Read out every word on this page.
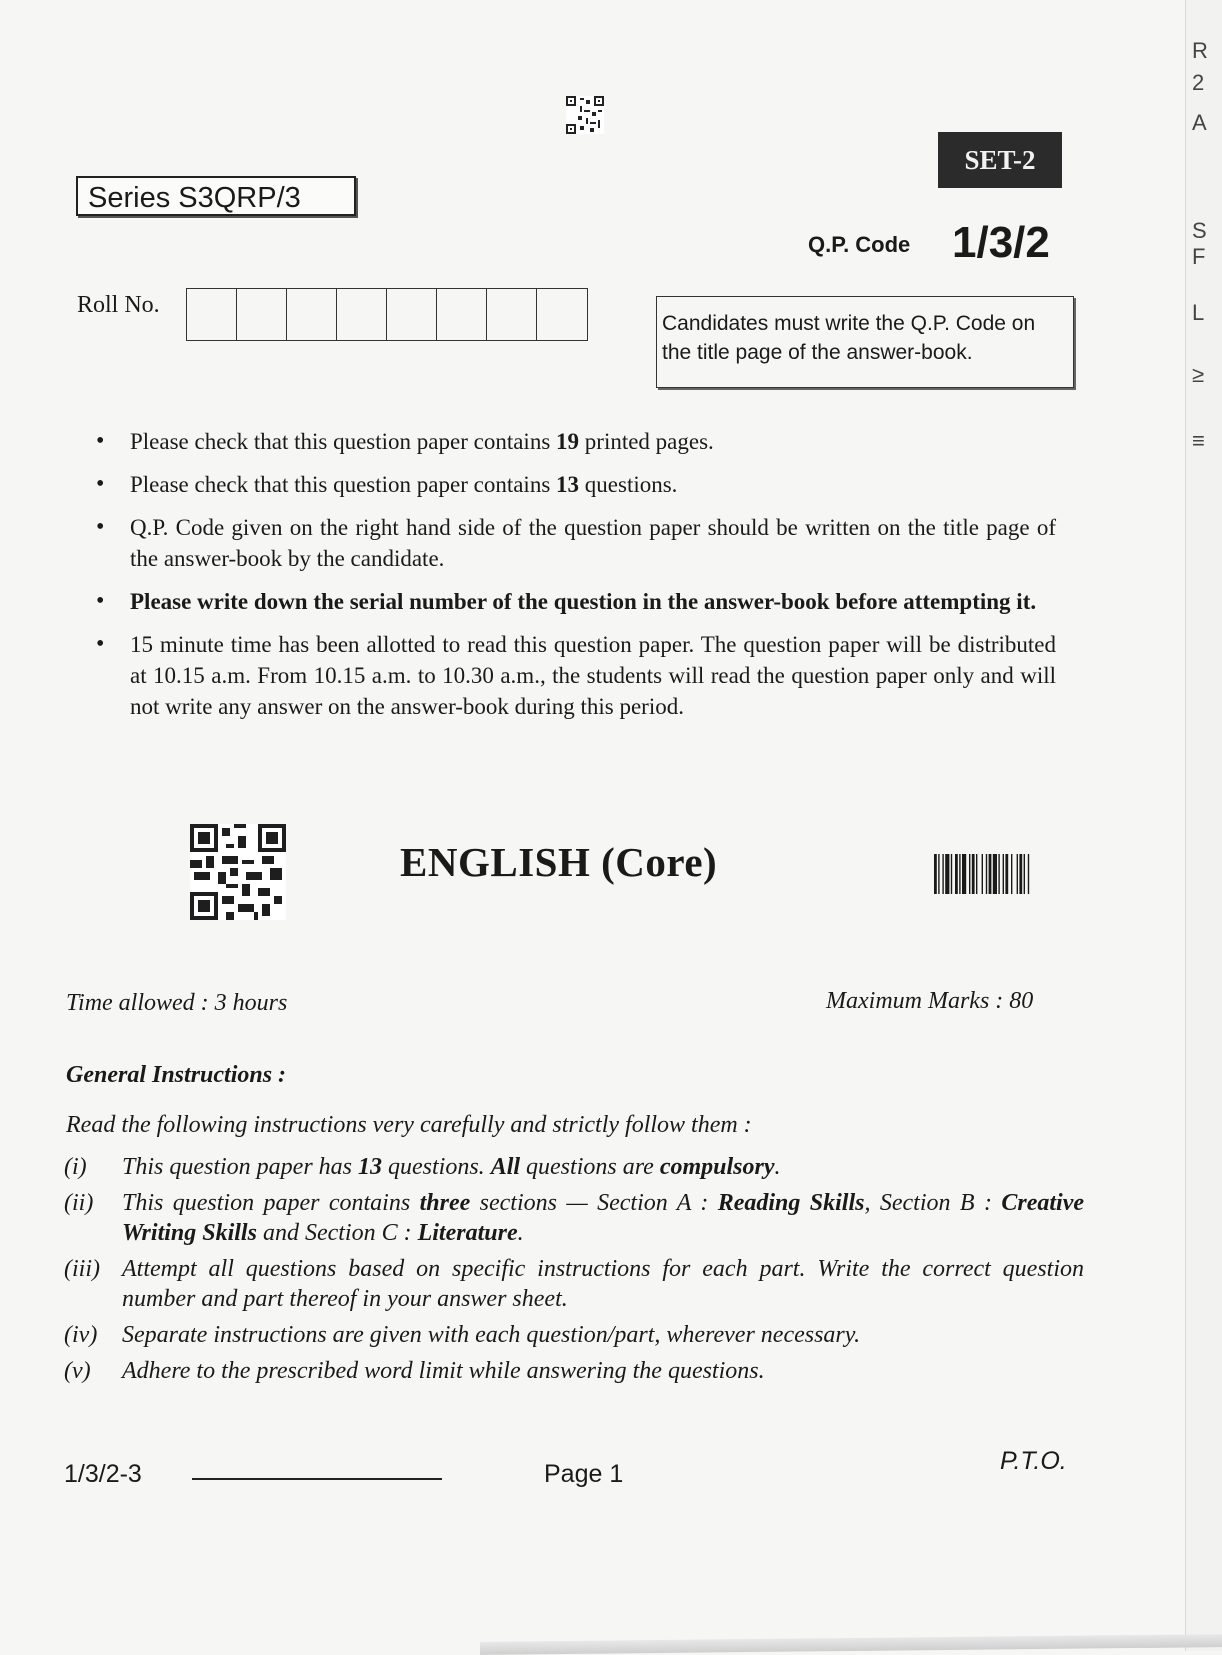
R
2
A
S
F
L
≥
≡
Series S3QRP/3
SET-2
Q.P. Code 1/3/2
Roll No.
Candidates must write the Q.P. Code on
the title page of the answer-book.
• Please check that this question paper contains 19 printed pages.
• Please check that this question paper contains 13 questions.
• Q.P. Code given on the right hand side of the question paper should be written on the title page of the answer-book by the candidate.
• Please write down the serial number of the question in the answer-book before attempting it.
• 15 minute time has been allotted to read this question paper. The question paper will be distributed at 10.15 a.m. From 10.15 a.m. to 10.30 a.m., the students will read the question paper only and will not write any answer on the answer-book during this period.
ENGLISH (Core)
Time allowed : 3 hours	Maximum Marks : 80
General Instructions :
Read the following instructions very carefully and strictly follow them :
(i)	This question paper has 13 questions. All questions are compulsory.
(ii)	This question paper contains three sections — Section A : Reading Skills, Section B : Creative Writing Skills and Section C : Literature.
(iii) Attempt all questions based on specific instructions for each part. Write the correct question number and part thereof in your answer sheet.
(iv)	Separate instructions are given with each question/part, wherever necessary.
(v)	Adhere to the prescribed word limit while answering the questions.
1/3/2-3	Page 1	P.T.O.
